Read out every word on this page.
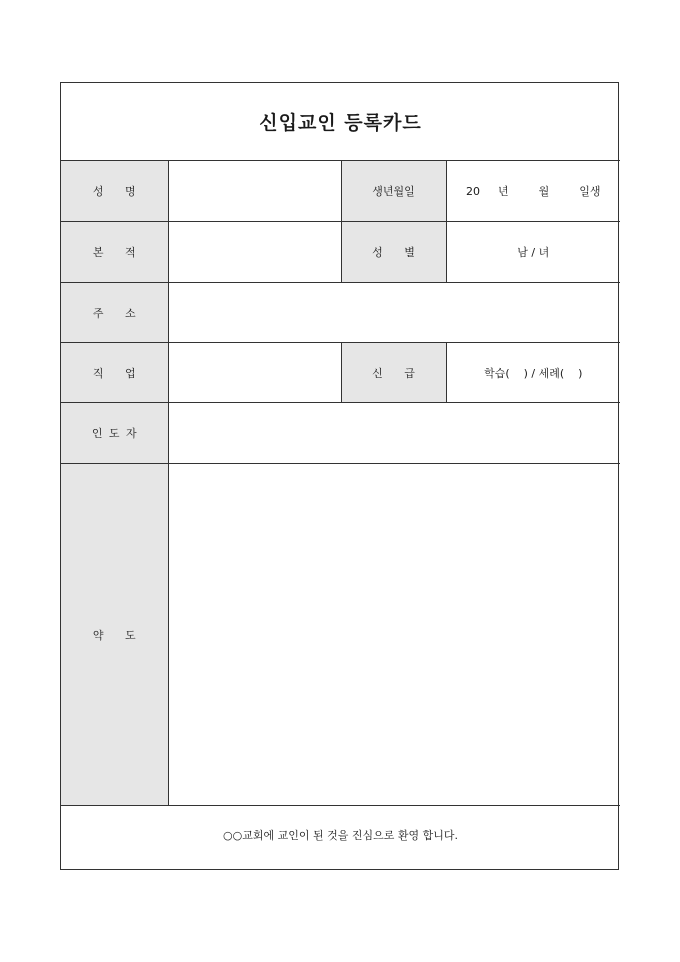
신입교인 등록카드			
성 명		생년월일	20 년 월 일생
본 적		성 별	남 / 녀
주 소			
직 업		신 급	학습(    ) / 세례(    )
인 도 자			
약 도			
○○교회에 교인이 된 것을 진심으로 환영 합니다.			
